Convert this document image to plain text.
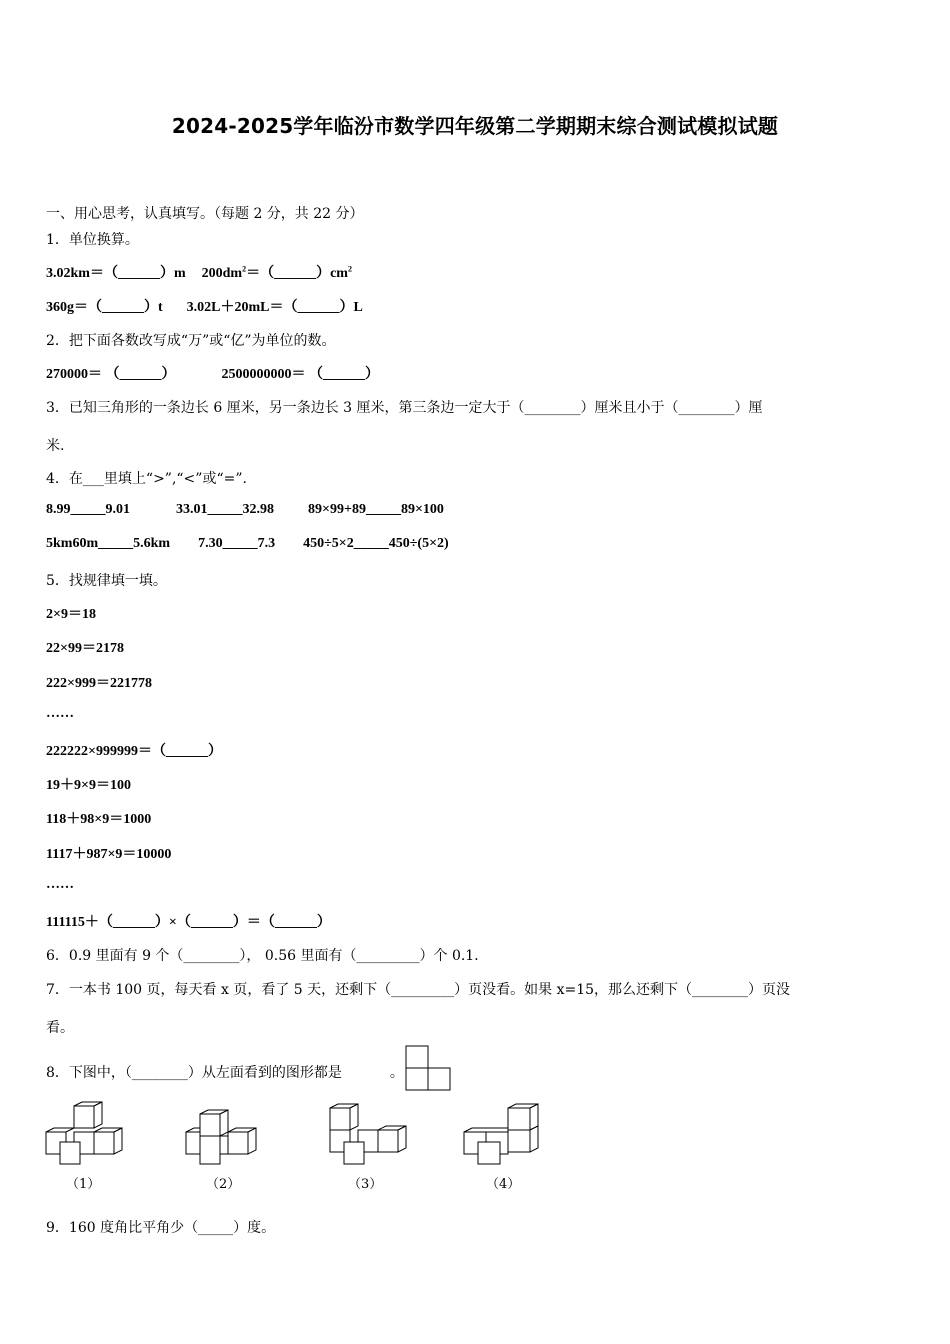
2024-2025学年临汾市数学四年级第二学期期末综合测试模拟试题
一、用心思考，认真填写。（每题 2 分，共 22 分）
1．单位换算。
3.02km＝（______）m $200dm^2=(\_\_\_\_\_\_)cm^2$
360g＝（______）t 3.02L＋20mL＝（______）L
2．把下面各数改写成“万”或“亿”为单位的数。
270000＝ （______）	2500000000＝ （______）
3．已知三角形的一条边长 6 厘米，另一条边长 3 厘米，第三条边一定大于（________）厘米且小于（________）厘
米.
4．在___里填上“>”,“<”或“=”.
8.99_____9.01	33.01_____32.98 89×99+89_____89×100
5km60m_____5.6km 7.30_____7.3 450÷5×2_____450÷(5×2)
5．找规律填一填。
2×9＝18
22×99＝2178
222×999＝221778
……
222222×999999＝（______）
19＋9×9＝100
118＋98×9＝1000
1117＋987×9＝10000
……
111115＋（______）×（______）＝（______）
6．0.9 里面有 9 个（________）， 0.56 里面有（_________）个 0.1．
7．一本书 100 页，每天看 x 页，看了 5 天，还剩下（_________）页没看。如果 x=15，那么还剩下（________）页没
看。
8．下图中，（________）从左面看到的图形都是	。
（1）	（2）	（3）	（4）
9．160 度角比平角少（_____）度。
